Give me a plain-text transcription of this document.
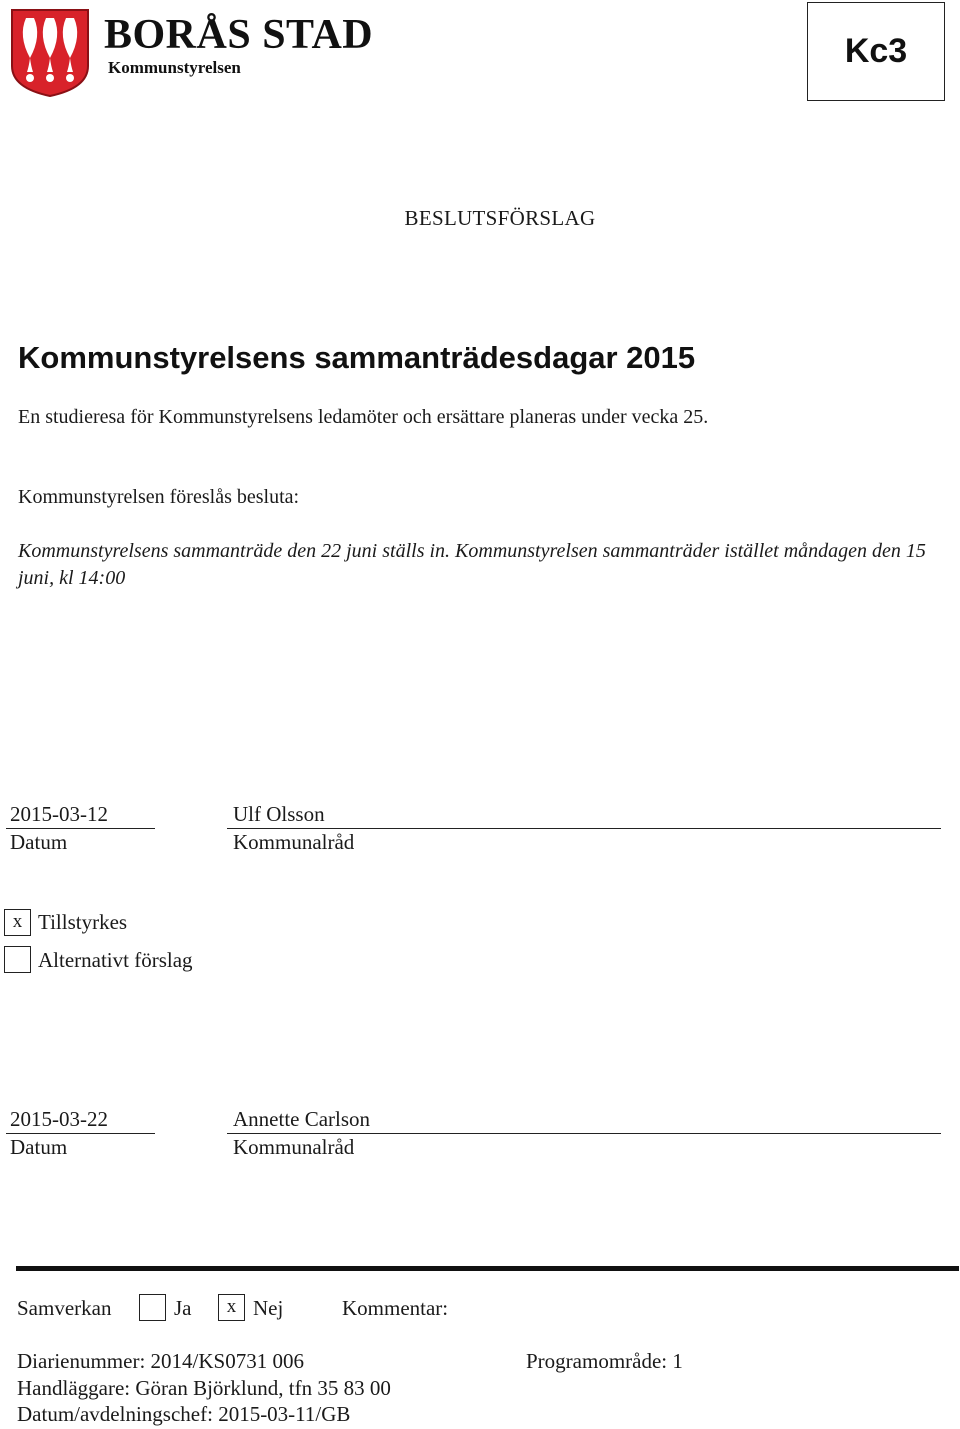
BORÅS STAD
Kommunstyrelsen	Kc3
BESLUTSFÖRSLAG
Kommunstyrelsens sammanträdesdagar 2015
En studieresa för Kommunstyrelsens ledamöter och ersättare planeras under vecka 25.
Kommunstyrelsen föreslås besluta:
Kommunstyrelsens sammanträde den 22 juni ställs in. Kommunstyrelsen sammanträder istället måndagen den 15 juni, kl 14:00
2015-03-12
Datum
Ulf Olsson
Kommunalråd
x Tillstyrkes
Alternativt förslag
2015-03-22
Datum
Annette Carlson
Kommunalråd
Samverkan	Ja	x Nej	Kommentar:
Diarienummer: 2014/KS0731 006	Programområde: 1
Handläggare: Göran Björklund, tfn 35 83 00
Datum/avdelningschef: 2015-03-11/GB
